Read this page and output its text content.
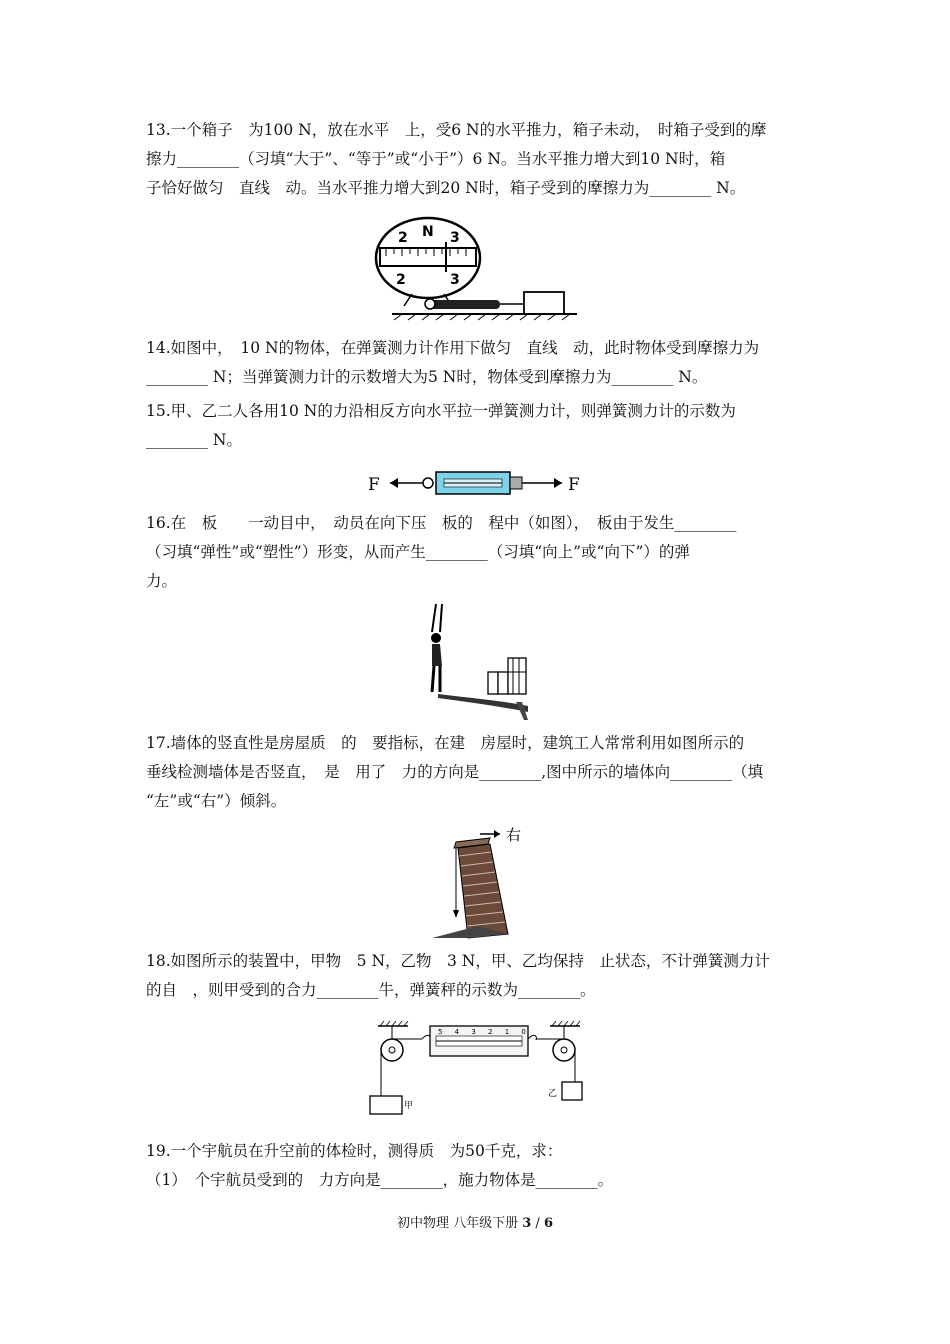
13.一个箱子　为100 N，放在水平　上，受6 N的水平推力，箱子未动，　时箱子受到的摩
擦力________（习填“大于”、“等于”或“小于”）6 N。当水平推力增大到10 N时，箱
子恰好做匀　直线　动。当水平推力增大到20 N时，箱子受到的摩擦力为________ N。
2 N 3
2	3
14.如图中，　10 N的物体，在弹簧测力计作用下做匀　直线　动，此时物体受到摩擦力为
________ N；当弹簧测力计的示数增大为5 N时，物体受到摩擦力为________ N。
15.甲、乙二人各用10 N的力沿相反方向水平拉一弹簧测力计，则弹簧测力计的示数为
________ N。
F	F
16.在　板　　一动目中，　动员在向下压　板的　程中（如图），　板由于发生________
（习填“弹性”或“塑性”）形变，从而产生________（习填“向上”或“向下”）的弹
力。
17.墙体的竖直性是房屋质　的　要指标，在建　房屋时，建筑工人常常利用如图所示的
垂线检测墙体是否竖直，　是　用了　力的方向是________,图中所示的墙体向________（填
“左”或“右”）倾斜。
右
18.如图所示的装置中，甲物　5 N，乙物　3 N，甲、乙均保持　止状态，不计弹簧测力计
的自　，则甲受到的合力________牛，弹簧秤的示数为________。
甲
5 4 3 2 1 0
乙
19.一个宇航员在升空前的体检时，测得质　为50千克，求：
（1）　个宇航员受到的　力方向是________，施力物体是________。
初中物理 八年级下册 3 / 6
